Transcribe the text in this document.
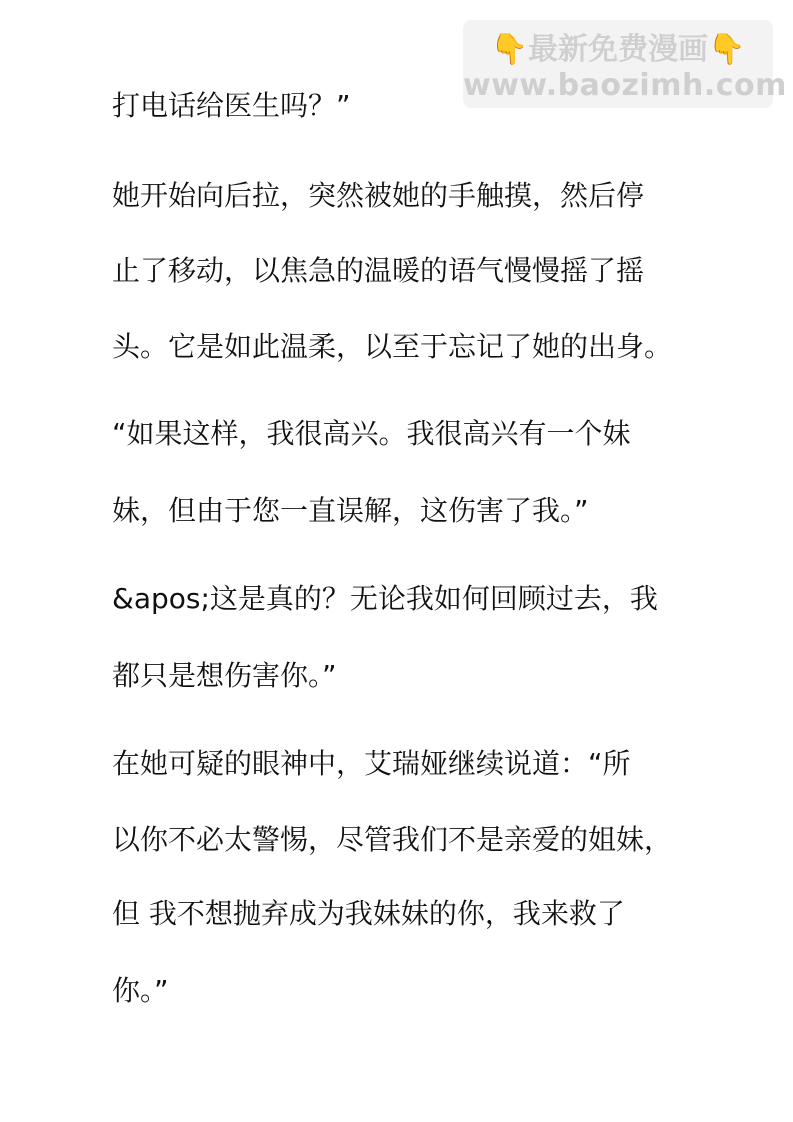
👇最新免费漫画👇
www.baozimh.com
打电话给医生吗？”
她开始向后拉，突然被她的手触摸，然后停
止了移动，以焦急的温暖的语气慢慢摇了摇
头。它是如此温柔，以至于忘记了她的出身。
“如果这样，我很高兴。我很高兴有一个妹
妹，但由于您一直误解，这伤害了我。”
&apos;这是真的？无论我如何回顾过去，我
都只是想伤害你。”
在她可疑的眼神中，艾瑞娅继续说道：“所
以你不必太警惕，尽管我们不是亲爱的姐妹，
但 我不想抛弃成为我妹妹的你，我来救了
你。”
